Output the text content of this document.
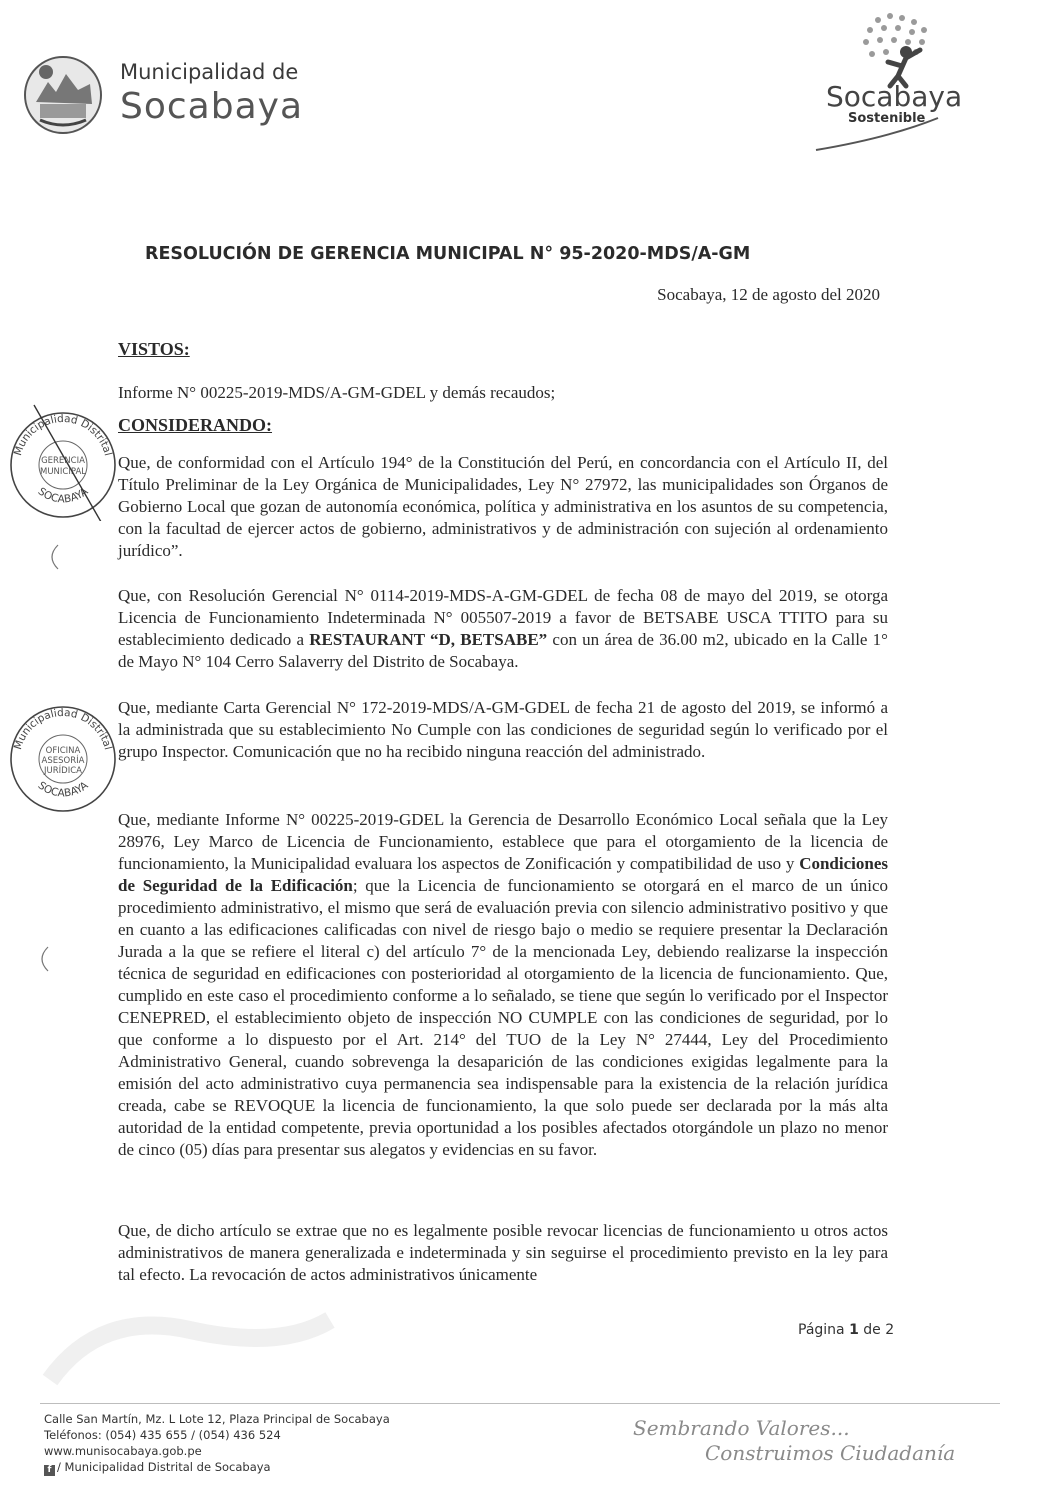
Municipalidad de
Socabaya	Socabaya
Sostenible
RESOLUCIÓN DE GERENCIA MUNICIPAL N° 95-2020-MDS/A-GM
Socabaya, 12 de agosto del 2020
VISTOS:
Informe N° 00225-2019-MDS/A-GM-GDEL y demás recaudos;
CONSIDERANDO:

Que, de conformidad con el Artículo 194° de la Constitución del Perú, en concordancia con el Artículo II, del Título Preliminar de la Ley Orgánica de Municipalidades, Ley N° 27972, las municipalidades son Órganos de Gobierno Local que gozan de autonomía económica, política y administrativa en los asuntos de su competencia, con la facultad de ejercer actos de gobierno, administrativos y de administración con sujeción al ordenamiento jurídico”.

Que, con Resolución Gerencial N° 0114-2019-MDS-A-GM-GDEL de fecha 08 de mayo del 2019, se otorga Licencia de Funcionamiento Indeterminada N° 005507-2019 a favor de BETSABE USCA TTITO para su establecimiento dedicado a RESTAURANT “D, BETSABE” con un área de 36.00 m2, ubicado en la Calle 1° de Mayo N° 104 Cerro Salaverry del Distrito de Socabaya.

Que, mediante Carta Gerencial N° 172-2019-MDS/A-GM-GDEL de fecha 21 de agosto del 2019, se informó a la administrada que su establecimiento No Cumple con las condiciones de seguridad según lo verificado por el grupo Inspector. Comunicación que no ha recibido ninguna reacción del administrado.

Que, mediante Informe N° 00225-2019-GDEL la Gerencia de Desarrollo Económico Local señala que la Ley 28976, Ley Marco de Licencia de Funcionamiento, establece que para el otorgamiento de la licencia de funcionamiento, la Municipalidad evaluara los aspectos de Zonificación y compatibilidad de uso y Condiciones de Seguridad de la Edificación; que la Licencia de funcionamiento se otorgará en el marco de un único procedimiento administrativo, el mismo que será de evaluación previa con silencio administrativo positivo y que en cuanto a las edificaciones calificadas con nivel de riesgo bajo o medio se requiere presentar la Declaración Jurada a la que se refiere el literal c) del artículo 7° de la mencionada Ley, debiendo realizarse la inspección técnica de seguridad en edificaciones con posterioridad al otorgamiento de la licencia de funcionamiento. Que, cumplido en este caso el procedimiento conforme a lo señalado, se tiene que según lo verificado por el Inspector CENEPRED, el establecimiento objeto de inspección NO CUMPLE con las condiciones de seguridad, por lo que conforme a lo dispuesto por el Art. 214° del TUO de la Ley N° 27444, Ley del Procedimiento Administrativo General, cuando sobrevenga la desaparición de las condiciones exigidas legalmente para la emisión del acto administrativo cuya permanencia sea indispensable para la existencia de la relación jurídica creada, cabe se REVOQUE la licencia de funcionamiento, la que solo puede ser declarada por la más alta autoridad de la entidad competente, previa oportunidad a los posibles afectados otorgándole un plazo no menor de cinco (05) días para presentar sus alegatos y evidencias en su favor.

Que, de dicho artículo se extrae que no es legalmente posible revocar licencias de funcionamiento u otros actos administrativos de manera generalizada e indeterminada y sin seguirse el procedimiento previsto en la ley para tal efecto. La revocación de actos administrativos únicamente

Municipalidad Distrital
SOCABAYA
GERENCIA
MUNICIPAL
Municipalidad Distrital
SOCABAYA
OFICINA
ASESORÍA
JURÍDICA
Página 1 de 2
Calle San Martín, Mz. L Lote 12, Plaza Principal de Socabaya
Teléfonos: (054) 435 655 / (054) 436 524
www.munisocabaya.gob.pe
f / Municipalidad Distrital de Socabaya
Sembrando Valores...
Construimos Ciudadanía
